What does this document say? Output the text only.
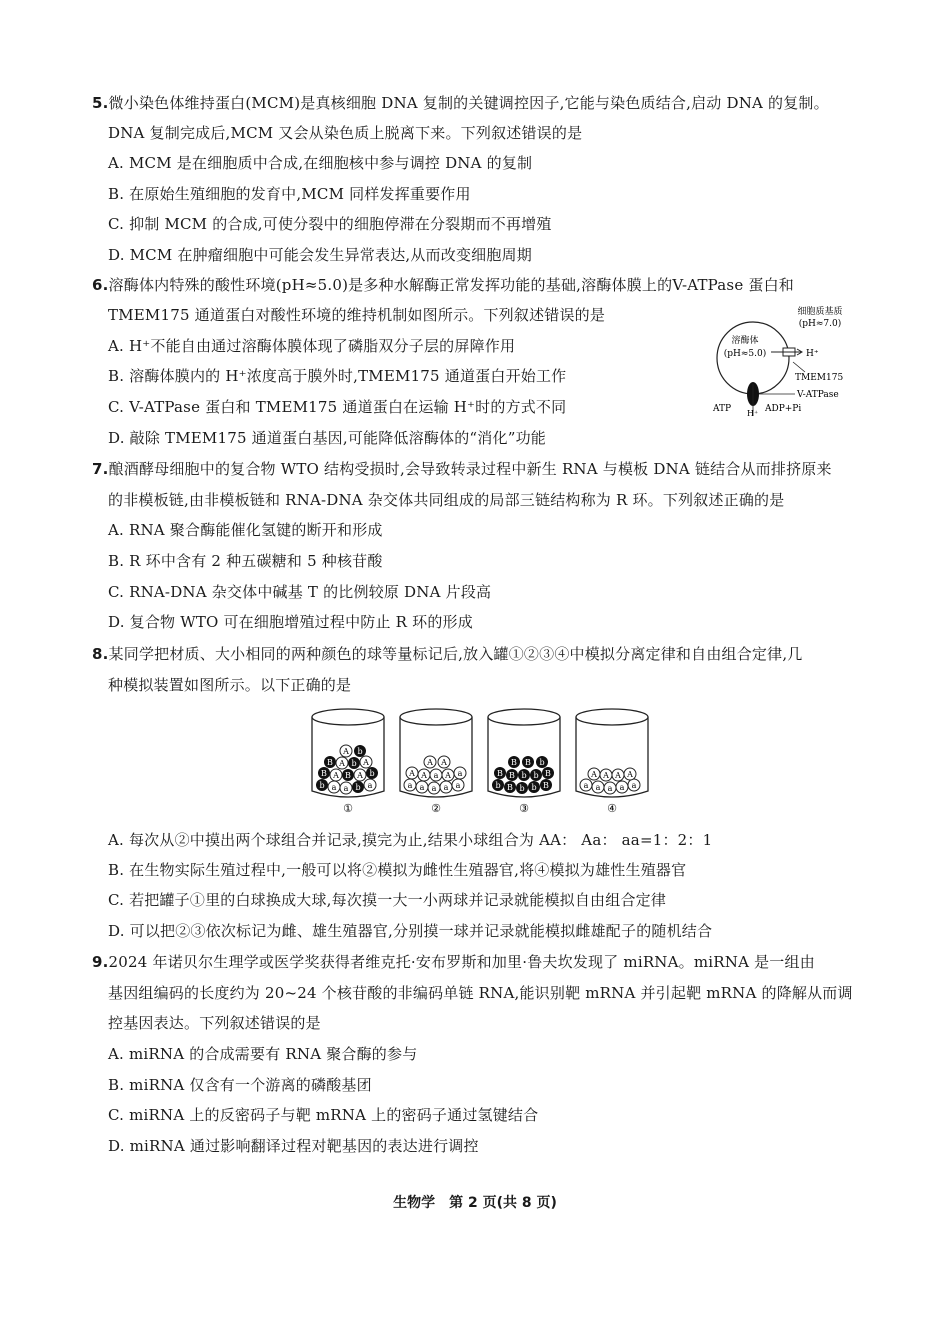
5.微小染色体维持蛋白(MCM)是真核细胞 DNA 复制的关键调控因子,它能与染色质结合,启动 DNA 的复制。
DNA 复制完成后,MCM 又会从染色质上脱离下来。下列叙述错误的是
A. MCM 是在细胞质中合成,在细胞核中参与调控 DNA 的复制
B. 在原始生殖细胞的发育中,MCM 同样发挥重要作用
C. 抑制 MCM 的合成,可使分裂中的细胞停滞在分裂期而不再增殖
D. MCM 在肿瘤细胞中可能会发生异常表达,从而改变细胞周期
6.溶酶体内特殊的酸性环境(pH≈5.0)是多种水解酶正常发挥功能的基础,溶酶体膜上的V-ATPase 蛋白和
TMEM175 通道蛋白对酸性环境的维持机制如图所示。下列叙述错误的是
A. H⁺不能自由通过溶酶体膜体现了磷脂双分子层的屏障作用
B. 溶酶体膜内的 H⁺浓度高于膜外时,TMEM175 通道蛋白开始工作
C. V-ATPase 蛋白和 TMEM175 通道蛋白在运输 H⁺时的方式不同
D. 敲除 TMEM175 通道蛋白基因,可能降低溶酶体的“消化”功能
细胞质基质
(pH≈7.0)
溶酶体
(pH≈5.0)	H⁺
TMEM175
V-ATPase
ATP H⁺ ADP+Pi
7.酿酒酵母细胞中的复合物 WTO 结构受损时,会导致转录过程中新生 RNA 与模板 DNA 链结合从而排挤原来
的非模板链,由非模板链和 RNA-DNA 杂交体共同组成的局部三链结构称为 R 环。下列叙述正确的是
A. RNA 聚合酶能催化氢键的断开和形成
B. R 环中含有 2 种五碳糖和 5 种核苷酸
C. RNA-DNA 杂交体中碱基 T 的比例较原 DNA 片段高
D. 复合物 WTO 可在细胞增殖过程中防止 R 环的形成
8.某同学把材质、大小相同的两种颜色的球等量标记后,放入罐①②③④中模拟分离定律和自由组合定律,几
种模拟装置如图所示。以下正确的是
b a a b a
B A B A b
B A b A
A b
①
a a a a a
A A a A a
A A
②
b B b b B
B B b b B
B B b
③
a a a a a
A A A A
④
A. 每次从②中摸出两个球组合并记录,摸完为止,结果小球组合为 AA： Aa： aa=1：2：1
B. 在生物实际生殖过程中,一般可以将②模拟为雌性生殖器官,将④模拟为雄性生殖器官
C. 若把罐子①里的白球换成大球,每次摸一大一小两球并记录就能模拟自由组合定律
D. 可以把②③依次标记为雌、雄生殖器官,分别摸一球并记录就能模拟雌雄配子的随机结合
9.2024 年诺贝尔生理学或医学奖获得者维克托·安布罗斯和加里·鲁夫坎发现了 miRNA。miRNA 是一组由
基因组编码的长度约为 20~24 个核苷酸的非编码单链 RNA,能识别靶 mRNA 并引起靶 mRNA 的降解从而调
控基因表达。下列叙述错误的是
A. miRNA 的合成需要有 RNA 聚合酶的参与
B. miRNA 仅含有一个游离的磷酸基团
C. miRNA 上的反密码子与靶 mRNA 上的密码子通过氢键结合
D. miRNA 通过影响翻译过程对靶基因的表达进行调控
生物学　第 2 页(共 8 页)
